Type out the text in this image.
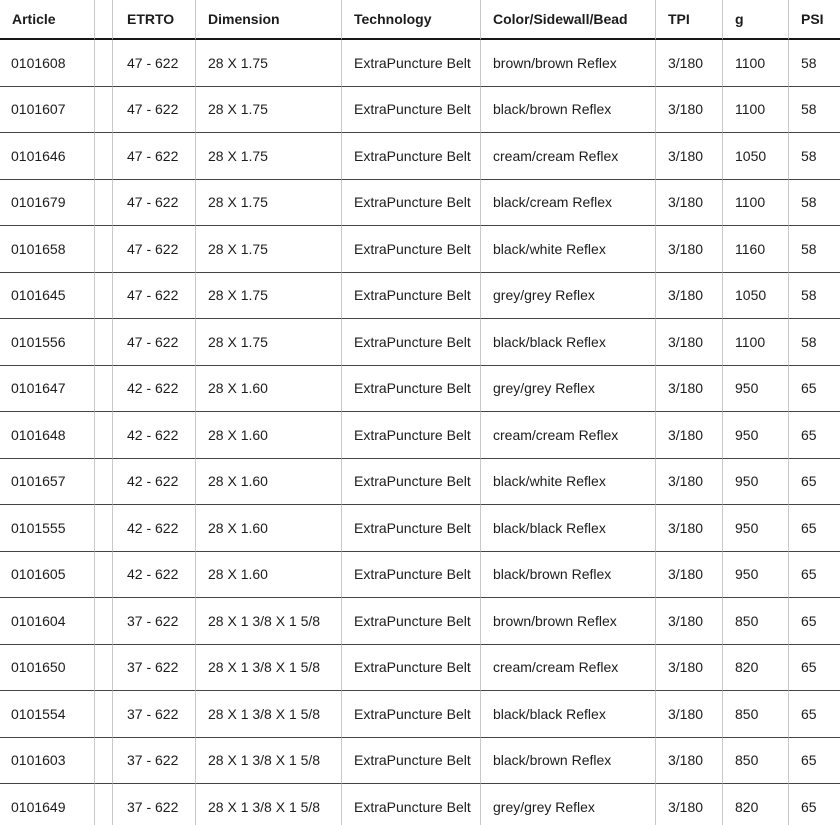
Article		ETRTO	Dimension	Technology	Color/Sidewall/Bead	TPI	g	PSI
0101608		47 - 622	28 X 1.75	ExtraPuncture Belt	brown/brown Reflex	3/180	1100	58
0101607		47 - 622	28 X 1.75	ExtraPuncture Belt	black/brown Reflex	3/180	1100	58
0101646		47 - 622	28 X 1.75	ExtraPuncture Belt	cream/cream Reflex	3/180	1050	58
0101679		47 - 622	28 X 1.75	ExtraPuncture Belt	black/cream Reflex	3/180	1100	58
0101658		47 - 622	28 X 1.75	ExtraPuncture Belt	black/white Reflex	3/180	1160	58
0101645		47 - 622	28 X 1.75	ExtraPuncture Belt	grey/grey Reflex	3/180	1050	58
0101556		47 - 622	28 X 1.75	ExtraPuncture Belt	black/black Reflex	3/180	1100	58
0101647		42 - 622	28 X 1.60	ExtraPuncture Belt	grey/grey Reflex	3/180	950	65
0101648		42 - 622	28 X 1.60	ExtraPuncture Belt	cream/cream Reflex	3/180	950	65
0101657		42 - 622	28 X 1.60	ExtraPuncture Belt	black/white Reflex	3/180	950	65
0101555		42 - 622	28 X 1.60	ExtraPuncture Belt	black/black Reflex	3/180	950	65
0101605		42 - 622	28 X 1.60	ExtraPuncture Belt	black/brown Reflex	3/180	950	65
0101604		37 - 622	28 X 1 3/8 X 1 5/8	ExtraPuncture Belt	brown/brown Reflex	3/180	850	65
0101650		37 - 622	28 X 1 3/8 X 1 5/8	ExtraPuncture Belt	cream/cream Reflex	3/180	820	65
0101554		37 - 622	28 X 1 3/8 X 1 5/8	ExtraPuncture Belt	black/black Reflex	3/180	850	65
0101603		37 - 622	28 X 1 3/8 X 1 5/8	ExtraPuncture Belt	black/brown Reflex	3/180	850	65
0101649		37 - 622	28 X 1 3/8 X 1 5/8	ExtraPuncture Belt	grey/grey Reflex	3/180	820	65
